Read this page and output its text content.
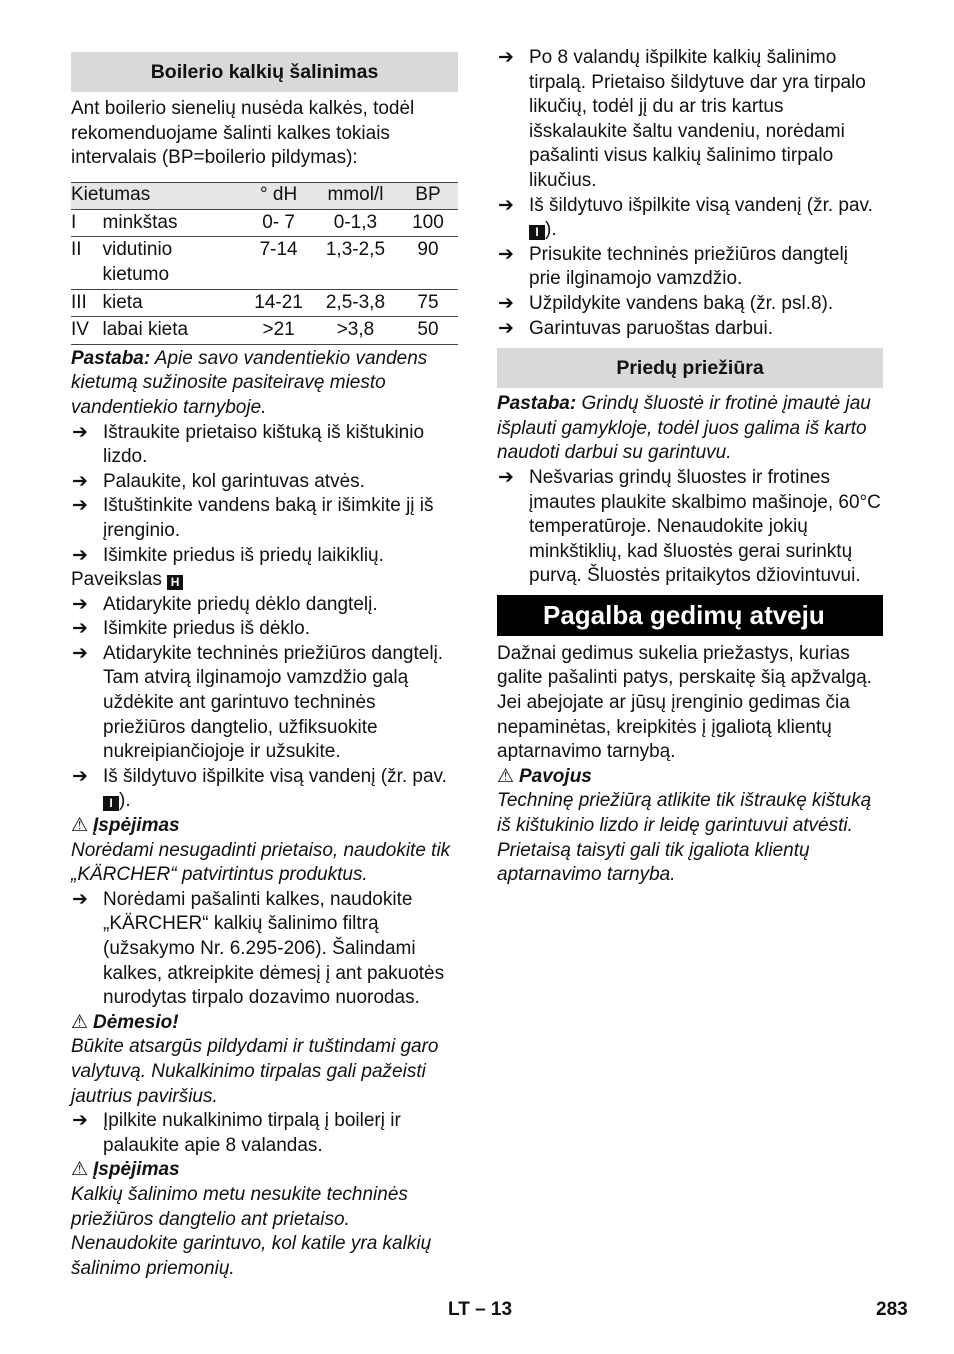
Boilerio kalkių šalinimas

Ant boilerio sienelių nusėda kalkės, todėl rekomenduojame šalinti kalkes tokiais intervalais (BP=boilerio pildymas):

Kietumas		° dH	mmol/l	BP
I	minkštas	0- 7	0-1,3	100
II	vidutinio kietumo	7-14	1,3-2,5	90
III	kieta	14-21	2,5-3,8	75
IV	labai kieta	>21	>3,8	50

Pastaba: Apie savo vandentiekio vandens kietumą sužinosite pasiteiravę miesto vandentiekio tarnyboje.

➔ Ištraukite prietaiso kištuką iš kištukinio lizdo.
➔ Palaukite, kol garintuvas atvės.
➔ Ištuštinkite vandens baką ir išimkite jį iš įrenginio.
➔ Išimkite priedus iš priedų laikiklių.

Paveikslas H

➔ Atidarykite priedų dėklo dangtelį.
➔ Išimkite priedus iš dėklo.
➔ Atidarykite techninės priežiūros dangtelį. Tam atvirą ilginamojo vamzdžio galą uždėkite ant garintuvo techninės priežiūros dangtelio, užfiksuokite nukreipiančiojoje ir užsukite.
➔ Iš šildytuvo išpilkite visą vandenį (žr. pav.I ).

⚠ Įspėjimas

Norėdami nesugadinti prietaiso, naudokite tik „KÄRCHER“ patvirtintus produktus.

➔ Norėdami pašalinti kalkes, naudokite „KÄRCHER“ kalkių šalinimo filtrą (užsakymo Nr. 6.295-206). Šalindami kalkes, atkreipkite dėmesį į ant pakuotės nurodytas tirpalo dozavimo nuorodas.

⚠ Dėmesio!

Būkite atsargūs pildydami ir tuštindami garo valytuvą. Nukalkinimo tirpalas gali pažeisti jautrius paviršius.

➔ Įpilkite nukalkinimo tirpalą į boilerį ir palaukite apie 8 valandas.

⚠ Įspėjimas

Kalkių šalinimo metu nesukite techninės priežiūros dangtelio ant prietaiso.

Nenaudokite garintuvo, kol katile yra kalkių šalinimo priemonių.

➔ Po 8 valandų išpilkite kalkių šalinimo tirpalą. Prietaiso šildytuve dar yra tirpalo likučių, todėl jį du ar tris kartus išskalaukite šaltu vandeniu, norėdami pašalinti visus kalkių šalinimo tirpalo likučius.
➔ Iš šildytuvo išpilkite visą vandenį (žr. pav.I ).
➔ Prisukite techninės priežiūros dangtelį prie ilginamojo vamzdžio.
➔ Užpildykite vandens baką (žr. psl.8).
➔ Garintuvas paruoštas darbui.
Priedų priežiūra

Pastaba: Grindų šluostė ir frotinė įmautė jau išplauti gamykloje, todėl juos galima iš karto naudoti darbui su garintuvu.

➔ Nešvarias grindų šluostes ir frotines įmautes plaukite skalbimo mašinoje, 60°C temperatūroje. Nenaudokite jokių minkštiklių, kad šluostės gerai surinktų purvą. Šluostės pritaikytos džiovintuvui.
Pagalba gedimų atveju

Dažnai gedimus sukelia priežastys, kurias galite pašalinti patys, perskaitę šią apžvalgą. Jei abejojate ar jūsų įrenginio gedimas čia nepaminėtas, kreipkitės į įgaliotą klientų aptarnavimo tarnybą.

⚠ Pavojus

Techninę priežiūrą atlikite tik ištraukę kištuką iš kištukinio lizdo ir leidę garintuvui atvėsti.

Prietaisą taisyti gali tik įgaliota klientų aptarnavimo tarnyba.

LT – 13	283
